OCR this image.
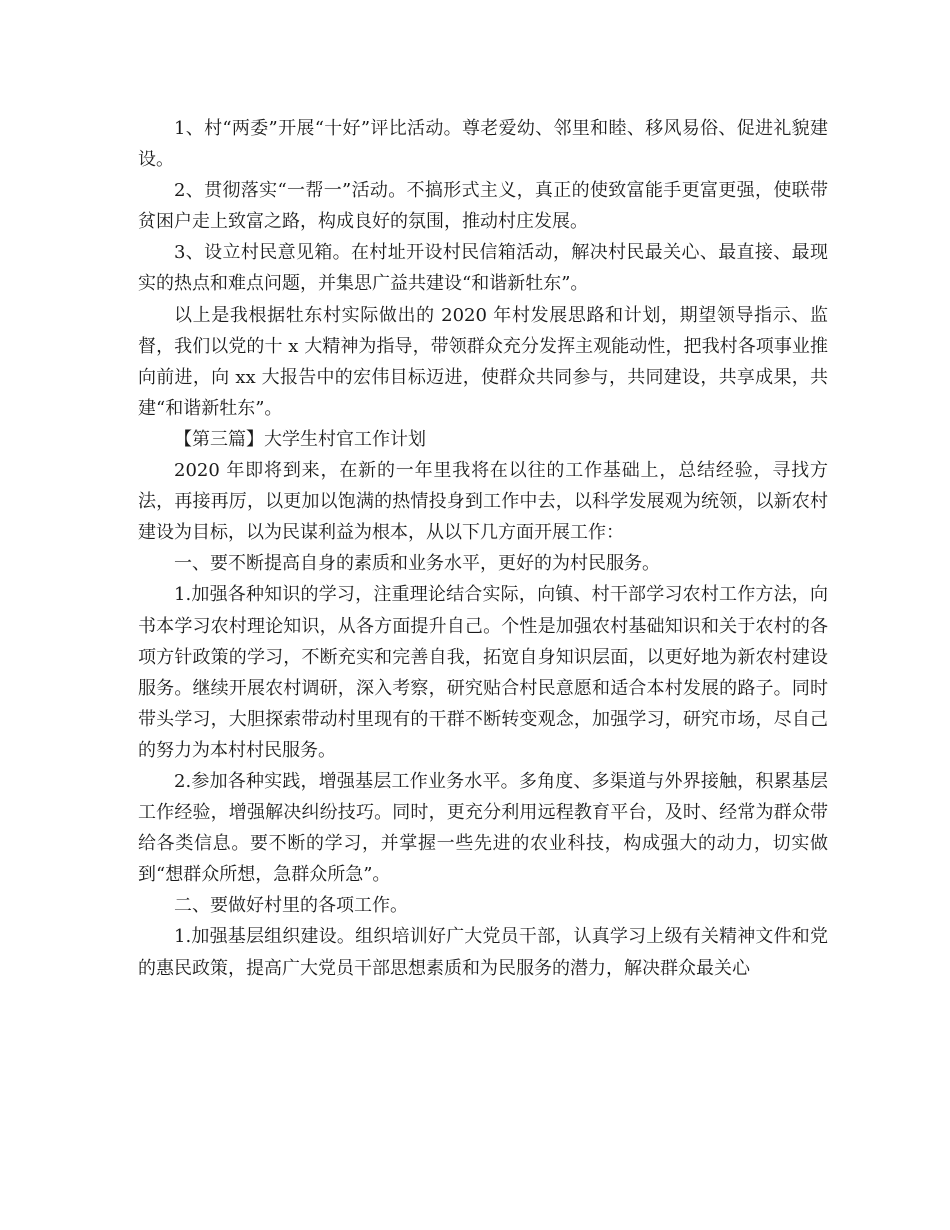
1、村“两委”开展“十好”评比活动。尊老爱幼、邻里和睦、移风易俗、促进礼貌建设。

2、贯彻落实“一帮一”活动。不搞形式主义，真正的使致富能手更富更强，使联带贫困户走上致富之路，构成良好的氛围，推动村庄发展。

3、设立村民意见箱。在村址开设村民信箱活动，解决村民最关心、最直接、最现实的热点和难点问题，并集思广益共建设“和谐新牡东”。

以上是我根据牡东村实际做出的 2020 年村发展思路和计划，期望领导指示、监督，我们以党的十 x 大精神为指导，带领群众充分发挥主观能动性，把我村各项事业推向前进，向 xx 大报告中的宏伟目标迈进，使群众共同参与，共同建设，共享成果，共建“和谐新牡东”。

【第三篇】大学生村官工作计划

2020 年即将到来，在新的一年里我将在以往的工作基础上，总结经验，寻找方法，再接再厉，以更加以饱满的热情投身到工作中去，以科学发展观为统领，以新农村建设为目标，以为民谋利益为根本，从以下几方面开展工作：

一、要不断提高自身的素质和业务水平，更好的为村民服务。

1.加强各种知识的学习，注重理论结合实际，向镇、村干部学习农村工作方法，向书本学习农村理论知识，从各方面提升自己。个性是加强农村基础知识和关于农村的各项方针政策的学习，不断充实和完善自我，拓宽自身知识层面，以更好地为新农村建设服务。继续开展农村调研，深入考察，研究贴合村民意愿和适合本村发展的路子。同时带头学习，大胆探索带动村里现有的干群不断转变观念，加强学习，研究市场，尽自己的努力为本村村民服务。

2.参加各种实践，增强基层工作业务水平。多角度、多渠道与外界接触，积累基层工作经验，增强解决纠纷技巧。同时，更充分利用远程教育平台，及时、经常为群众带给各类信息。要不断的学习，并掌握一些先进的农业科技，构成强大的动力，切实做到“想群众所想，急群众所急”。

二、要做好村里的各项工作。

1.加强基层组织建设。组织培训好广大党员干部，认真学习上级有关精神文件和党的惠民政策，提高广大党员干部思想素质和为民服务的潜力，解决群众最关心
